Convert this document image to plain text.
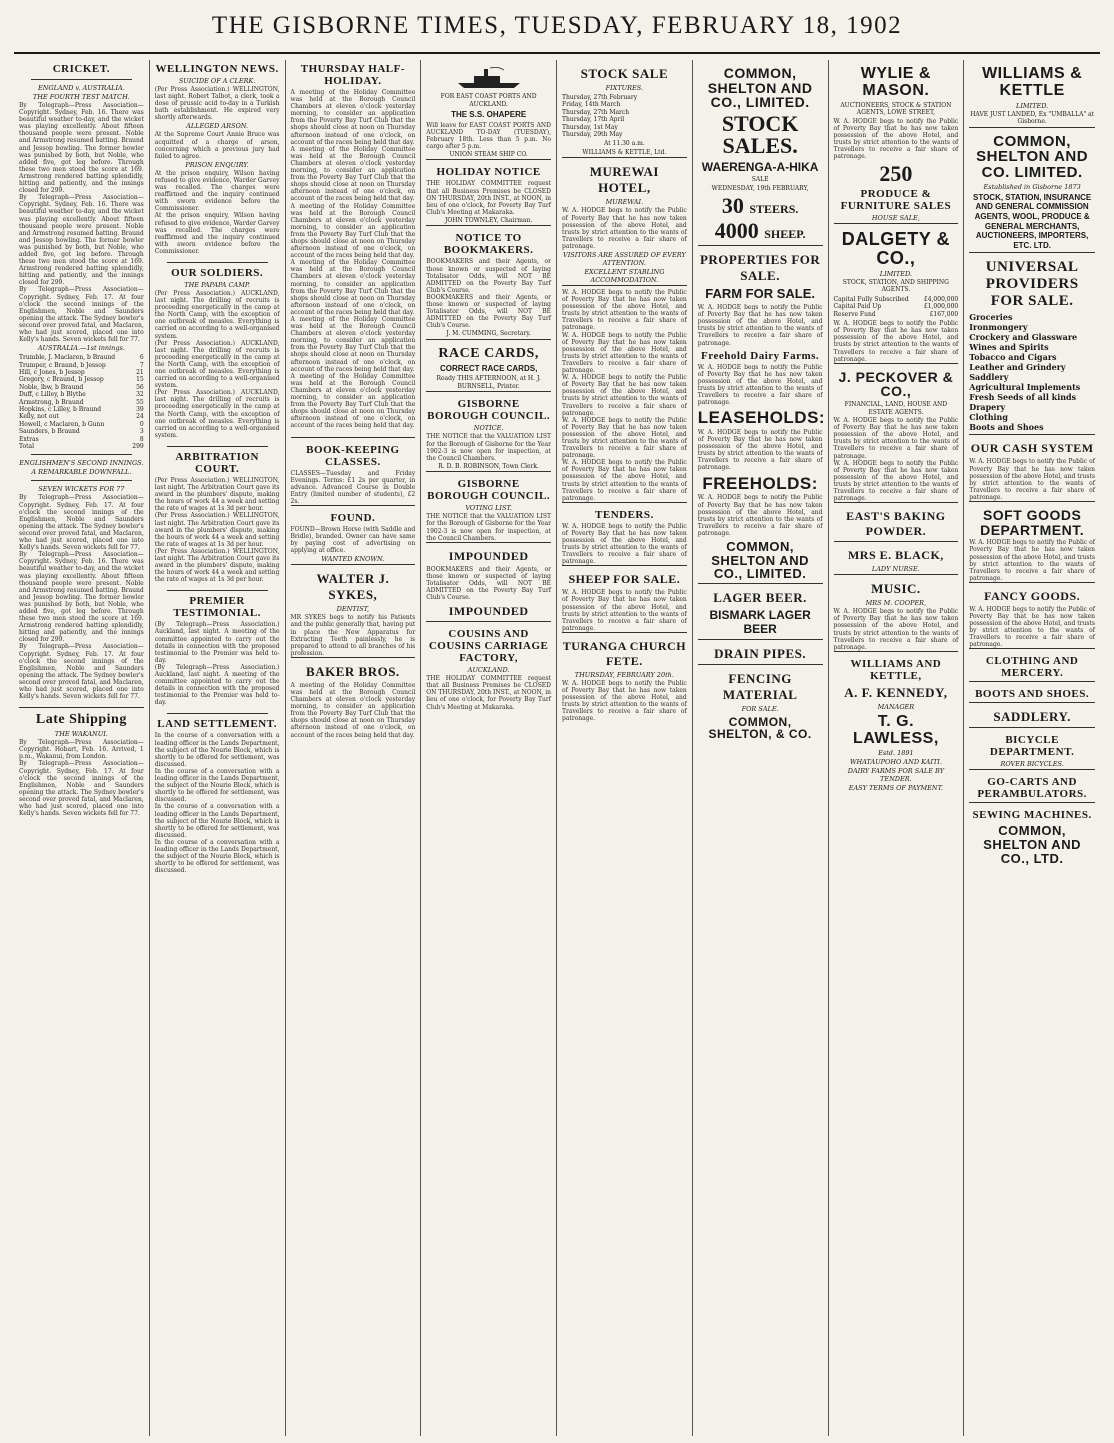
THE GISBORNE TIMES, TUESDAY, FEBRUARY 18, 1902
CRICKET.
ENGLAND v. AUSTRALIA.
THE FOURTH TEST MATCH.

By Telegraph—Press Association—Copyright. Sydney, Feb. 16. There was beautiful weather to-day, and the wicket was playing excellently. About fifteen thousand people were present. Noble and Armstrong resumed batting. Braund and Jessop bowling. The former bowler was punished by both, but Noble, who added five, got leg before. Through these two men stood the score at 169. Armstrong rendered batting splendidly, hitting and patiently, and the innings closed for 299.

By Telegraph—Press Association—Copyright. Sydney, Feb. 16. There was beautiful weather to-day, and the wicket was playing excellently. About fifteen thousand people were present. Noble and Armstrong resumed batting. Braund and Jessop bowling. The former bowler was punished by both, but Noble, who added five, got leg before. Through these two men stood the score at 169. Armstrong rendered batting splendidly, hitting and patiently, and the innings closed for 299.

By Telegraph—Press Association—Copyright. Sydney, Feb. 17. At four o'clock the second innings of the Englishmen, Noble and Saunders opening the attack. The Sydney bowler's second over proved fatal, and Maclaren, who had just scored, placed one into Kelly's hands. Seven wickets fell for 77.

AUSTRALIA.—1st innings.
Trumble, J. Maclaren, b Braund	6
Trumper, c Braund, b Jessop	7
Hill, c Jones, b Jessop	21
Gregory, c Braund, b Jessop	15
Noble, lbw, b Braund	56
Duff, c Lilley, b Blythe	32
Armstrong, b Braund	55
Hopkins, c Lilley, b Braund	39
Kelly, not out	24
Howell, c Maclaren, b Gunn	0
Saunders, b Braund	3
Extras	8
Total	299
ENGLISHMEN'S SECOND INNINGS.
A REMARKABLE DOWNFALL.
SEVEN WICKETS FOR 77

By Telegraph—Press Association—Copyright. Sydney, Feb. 17. At four o'clock the second innings of the Englishmen, Noble and Saunders opening the attack. The Sydney bowler's second over proved fatal, and Maclaren, who had just scored, placed one into Kelly's hands. Seven wickets fell for 77.

By Telegraph—Press Association—Copyright. Sydney, Feb. 16. There was beautiful weather to-day, and the wicket was playing excellently. About fifteen thousand people were present. Noble and Armstrong resumed batting. Braund and Jessop bowling. The former bowler was punished by both, but Noble, who added five, got leg before. Through these two men stood the score at 169. Armstrong rendered batting splendidly, hitting and patiently, and the innings closed for 299.

By Telegraph—Press Association—Copyright. Sydney, Feb. 17. At four o'clock the second innings of the Englishmen, Noble and Saunders opening the attack. The Sydney bowler's second over proved fatal, and Maclaren, who had just scored, placed one into Kelly's hands. Seven wickets fell for 77.

Late Shipping
THE WAKANUI.

By Telegraph—Press Association—Copyright. Hobart, Feb. 16. Arrived, 1 p.m., Wakanui, from London.

By Telegraph—Press Association—Copyright. Sydney, Feb. 17. At four o'clock the second innings of the Englishmen, Noble and Saunders opening the attack. The Sydney bowler's second over proved fatal, and Maclaren, who had just scored, placed one into Kelly's hands. Seven wickets fell for 77.

WELLINGTON NEWS.
SUICIDE OF A CLERK.

(Per Press Association.) WELLINGTON, last night. Robert Talbot, a clerk, took a dose of prussic acid to-day in a Turkish bath establishment. He expired very shortly afterwards.

ALLEGED ARSON.

At the Supreme Court Annie Bruce was acquitted of a charge of arson, concerning which a previous jury had failed to agree.

PRISON ENQUIRY.

At the prison enquiry, Wilson having refused to give evidence, Warder Garvey was recalled. The charges were reaffirmed and the inquiry continued with sworn evidence before the Commissioner.

At the prison enquiry, Wilson having refused to give evidence, Warder Garvey was recalled. The charges were reaffirmed and the inquiry continued with sworn evidence before the Commissioner.

OUR SOLDIERS.
THE PAPAPA CAMP.

(Per Press Association.) AUCKLAND, last night. The drilling of recruits is proceeding energetically in the camp at the North Camp, with the exception of one outbreak of measles. Everything is carried on according to a well-organised system.

(Per Press Association.) AUCKLAND, last night. The drilling of recruits is proceeding energetically in the camp at the North Camp, with the exception of one outbreak of measles. Everything is carried on according to a well-organised system.

(Per Press Association.) AUCKLAND, last night. The drilling of recruits is proceeding energetically in the camp at the North Camp, with the exception of one outbreak of measles. Everything is carried on according to a well-organised system.

ARBITRATION COURT.

(Per Press Association.) WELLINGTON, last night. The Arbitration Court gave its award in the plumbers' dispute, making the hours of work 44 a week and setting the rate of wages at 1s 3d per hour.

(Per Press Association.) WELLINGTON, last night. The Arbitration Court gave its award in the plumbers' dispute, making the hours of work 44 a week and setting the rate of wages at 1s 3d per hour.

(Per Press Association.) WELLINGTON, last night. The Arbitration Court gave its award in the plumbers' dispute, making the hours of work 44 a week and setting the rate of wages at 1s 3d per hour.

PREMIER TESTIMONIAL.

(By Telegraph—Press Association.) Auckland, last night. A meeting of the committee appointed to carry out the details in connection with the proposed testimonial to the Premier was held to-day.

(By Telegraph—Press Association.) Auckland, last night. A meeting of the committee appointed to carry out the details in connection with the proposed testimonial to the Premier was held to-day.

LAND SETTLEMENT.

In the course of a conversation with a leading officer in the Lands Department, the subject of the Nourie Block, which is shortly to be offered for settlement, was discussed.

In the course of a conversation with a leading officer in the Lands Department, the subject of the Nourie Block, which is shortly to be offered for settlement, was discussed.

In the course of a conversation with a leading officer in the Lands Department, the subject of the Nourie Block, which is shortly to be offered for settlement, was discussed.

In the course of a conversation with a leading officer in the Lands Department, the subject of the Nourie Block, which is shortly to be offered for settlement, was discussed.

THURSDAY HALF-HOLIDAY.

A meeting of the Holiday Committee was held at the Borough Council Chambers at eleven o'clock yesterday morning, to consider an application from the Poverty Bay Turf Club that the shops should close at noon on Thursday afternoon instead of one o'clock, on account of the races being held that day.

A meeting of the Holiday Committee was held at the Borough Council Chambers at eleven o'clock yesterday morning, to consider an application from the Poverty Bay Turf Club that the shops should close at noon on Thursday afternoon instead of one o'clock, on account of the races being held that day.

A meeting of the Holiday Committee was held at the Borough Council Chambers at eleven o'clock yesterday morning, to consider an application from the Poverty Bay Turf Club that the shops should close at noon on Thursday afternoon instead of one o'clock, on account of the races being held that day.

A meeting of the Holiday Committee was held at the Borough Council Chambers at eleven o'clock yesterday morning, to consider an application from the Poverty Bay Turf Club that the shops should close at noon on Thursday afternoon instead of one o'clock, on account of the races being held that day.

A meeting of the Holiday Committee was held at the Borough Council Chambers at eleven o'clock yesterday morning, to consider an application from the Poverty Bay Turf Club that the shops should close at noon on Thursday afternoon instead of one o'clock, on account of the races being held that day.

A meeting of the Holiday Committee was held at the Borough Council Chambers at eleven o'clock yesterday morning, to consider an application from the Poverty Bay Turf Club that the shops should close at noon on Thursday afternoon instead of one o'clock, on account of the races being held that day.

BOOK-KEEPING CLASSES.

CLASSES—Tuesday and Friday Evenings. Terms: £1 2s per quarter, in advance. Advanced Course in Double Entry (limited number of students), £2 2s.

FOUND.

FOUND—Brown Horse (with Saddle and Bridle), branded. Owner can have same by paying cost of advertising on applying at office.

WANTED KNOWN.
WALTER J. SYKES,
DENTIST,

MR SYKES begs to notify his Patients and the public generally that, having put in place the New Apparatus for Extracting Teeth painlessly, he is prepared to attend to all branches of his profession.

BAKER BROS.

A meeting of the Holiday Committee was held at the Borough Council Chambers at eleven o'clock yesterday morning, to consider an application from the Poverty Bay Turf Club that the shops should close at noon on Thursday afternoon instead of one o'clock, on account of the races being held that day.

FOR EAST COAST PORTS AND AUCKLAND.
THE S.S. OHAPERE

Will leave for EAST COAST PORTS AND AUCKLAND TO-DAY (TUESDAY), February 18th. Less than 5 p.m. No cargo after 5 p.m.

UNION STEAM SHIP CO.
HOLIDAY NOTICE

THE HOLIDAY COMMITTEE request that all Business Premises be CLOSED ON THURSDAY, 20th INST., at NOON, in lieu of one o'clock, for Poverty Bay Turf Club's Meeting at Makaraka.

JOHN TOWNLEY, Chairman.
NOTICE TO BOOKMAKERS.

BOOKMAKERS and their Agents, or those known or suspected of laying Totalisator Odds, will NOT BE ADMITTED on the Poverty Bay Turf Club's Course.

BOOKMAKERS and their Agents, or those known or suspected of laying Totalisator Odds, will NOT BE ADMITTED on the Poverty Bay Turf Club's Course.

J. M. CUMMING, Secretary.
RACE CARDS,
CORRECT RACE CARDS,
Ready THIS AFTERNOON, at H. J. BURNSELL, Printer.
GISBORNE BOROUGH COUNCIL.
NOTICE.

THE NOTICE that the VALUATION LIST for the Borough of Gisborne for the Year 1902-3 is now open for inspection, at the Council Chambers.

R. D. B. ROBINSON, Town Clerk.
GISBORNE BOROUGH COUNCIL.
VOTING LIST.

THE NOTICE that the VALUATION LIST for the Borough of Gisborne for the Year 1902-3 is now open for inspection, at the Council Chambers.

IMPOUNDED

BOOKMAKERS and their Agents, or those known or suspected of laying Totalisator Odds, will NOT BE ADMITTED on the Poverty Bay Turf Club's Course.

IMPOUNDED
COUSINS AND COUSINS CARRIAGE FACTORY,
AUCKLAND.

THE HOLIDAY COMMITTEE request that all Business Premises be CLOSED ON THURSDAY, 20th INST., at NOON, in lieu of one o'clock, for Poverty Bay Turf Club's Meeting at Makaraka.

STOCK SALE
FIXTURES.
Thursday, 27th February
Friday, 14th March
Thursday, 27th March
Thursday, 17th April
Thursday, 1st May
Thursday, 29th May
At 11.30 a.m.
WILLIAMS & KETTLE, Ltd.
MUREWAI HOTEL,
MUREWAI.

W. A. HODGE begs to notify the Public of Poverty Bay that he has now taken possession of the above Hotel, and trusts by strict attention to the wants of Travellers to receive a fair share of patronage.

VISITORS ARE ASSURED OF EVERY ATTENTION.
EXCELLENT STABLING ACCOMMODATION.

W. A. HODGE begs to notify the Public of Poverty Bay that he has now taken possession of the above Hotel, and trusts by strict attention to the wants of Travellers to receive a fair share of patronage.

W. A. HODGE begs to notify the Public of Poverty Bay that he has now taken possession of the above Hotel, and trusts by strict attention to the wants of Travellers to receive a fair share of patronage.

W. A. HODGE begs to notify the Public of Poverty Bay that he has now taken possession of the above Hotel, and trusts by strict attention to the wants of Travellers to receive a fair share of patronage.

W. A. HODGE begs to notify the Public of Poverty Bay that he has now taken possession of the above Hotel, and trusts by strict attention to the wants of Travellers to receive a fair share of patronage.

W. A. HODGE begs to notify the Public of Poverty Bay that he has now taken possession of the above Hotel, and trusts by strict attention to the wants of Travellers to receive a fair share of patronage.

TENDERS.

W. A. HODGE begs to notify the Public of Poverty Bay that he has now taken possession of the above Hotel, and trusts by strict attention to the wants of Travellers to receive a fair share of patronage.

SHEEP FOR SALE.

W. A. HODGE begs to notify the Public of Poverty Bay that he has now taken possession of the above Hotel, and trusts by strict attention to the wants of Travellers to receive a fair share of patronage.

TURANGA CHURCH FETE.
THURSDAY, FEBRUARY 20th.

W. A. HODGE begs to notify the Public of Poverty Bay that he has now taken possession of the above Hotel, and trusts by strict attention to the wants of Travellers to receive a fair share of patronage.

COMMON, SHELTON AND CO., LIMITED.
STOCK SALES.
WAERENGA-A-HIKA
SALE
WEDNESDAY, 19th FEBRUARY,
30 STEERS.
4000 SHEEP.
PROPERTIES FOR SALE.
FARM FOR SALE.

W. A. HODGE begs to notify the Public of Poverty Bay that he has now taken possession of the above Hotel, and trusts by strict attention to the wants of Travellers to receive a fair share of patronage.

Freehold Dairy Farms.

W. A. HODGE begs to notify the Public of Poverty Bay that he has now taken possession of the above Hotel, and trusts by strict attention to the wants of Travellers to receive a fair share of patronage.

LEASEHOLDS:

W. A. HODGE begs to notify the Public of Poverty Bay that he has now taken possession of the above Hotel, and trusts by strict attention to the wants of Travellers to receive a fair share of patronage.

FREEHOLDS:

W. A. HODGE begs to notify the Public of Poverty Bay that he has now taken possession of the above Hotel, and trusts by strict attention to the wants of Travellers to receive a fair share of patronage.

COMMON, SHELTON AND CO., LIMITED.
LAGER BEER.
BISMARK LAGER BEER
DRAIN PIPES.
FENCING MATERIAL
FOR SALE.
COMMON, SHELTON, & CO.
WYLIE & MASON.
AUCTIONEERS, STOCK & STATION AGENTS, LOWE STREET,

W. A. HODGE begs to notify the Public of Poverty Bay that he has now taken possession of the above Hotel, and trusts by strict attention to the wants of Travellers to receive a fair share of patronage.

250
PRODUCE & FURNITURE SALES
HOUSE SALE,
DALGETY & CO.,
LIMITED.
STOCK, STATION, AND SHIPPING AGENTS.
Capital Fully Subscribed	£4,000,000
Capital Paid Up	£1,000,000
Reserve Fund	£167,000

W. A. HODGE begs to notify the Public of Poverty Bay that he has now taken possession of the above Hotel, and trusts by strict attention to the wants of Travellers to receive a fair share of patronage.

J. PECKOVER & CO.,
FINANCIAL, LAND, HOUSE AND ESTATE AGENTS.

W. A. HODGE begs to notify the Public of Poverty Bay that he has now taken possession of the above Hotel, and trusts by strict attention to the wants of Travellers to receive a fair share of patronage.

W. A. HODGE begs to notify the Public of Poverty Bay that he has now taken possession of the above Hotel, and trusts by strict attention to the wants of Travellers to receive a fair share of patronage.

EAST'S BAKING POWDER.
MRS E. BLACK,
LADY NURSE.
MUSIC.
MRS M. COOPER,

W. A. HODGE begs to notify the Public of Poverty Bay that he has now taken possession of the above Hotel, and trusts by strict attention to the wants of Travellers to receive a fair share of patronage.

WILLIAMS AND KETTLE,
A. F. KENNEDY,
MANAGER
T. G. LAWLESS,
Estd. 1891
WHATAUPOHO AND KAITI.
DAIRY FARMS FOR SALE BY TENDER.
EASY TERMS OF PAYMENT.
WILLIAMS & KETTLE
LIMITED.
HAVE JUST LANDED, Ex "UMBALLA" at Gisborne.
COMMON, SHELTON AND CO. LIMITED.
Established in Gisborne 1873
STOCK, STATION, INSURANCE AND GENERAL COMMISSION AGENTS, WOOL, PRODUCE & GENERAL MERCHANTS, AUCTIONEERS, IMPORTERS, ETC. LTD.
UNIVERSAL PROVIDERS FOR SALE.
Groceries
Ironmongery
Crockery and Glassware
Wines and Spirits
Tobacco and Cigars
Leather and Grindery
Saddlery
Agricultural Implements
Fresh Seeds of all kinds
Drapery
Clothing
Boots and Shoes
OUR CASH SYSTEM

W. A. HODGE begs to notify the Public of Poverty Bay that he has now taken possession of the above Hotel, and trusts by strict attention to the wants of Travellers to receive a fair share of patronage.

SOFT GOODS DEPARTMENT.

W. A. HODGE begs to notify the Public of Poverty Bay that he has now taken possession of the above Hotel, and trusts by strict attention to the wants of Travellers to receive a fair share of patronage.

FANCY GOODS.

W. A. HODGE begs to notify the Public of Poverty Bay that he has now taken possession of the above Hotel, and trusts by strict attention to the wants of Travellers to receive a fair share of patronage.

CLOTHING AND MERCERY.
BOOTS AND SHOES.
SADDLERY.
BICYCLE DEPARTMENT.
ROVER BICYCLES.
GO-CARTS AND PERAMBULATORS.
SEWING MACHINES.
COMMON, SHELTON AND CO., LTD.
